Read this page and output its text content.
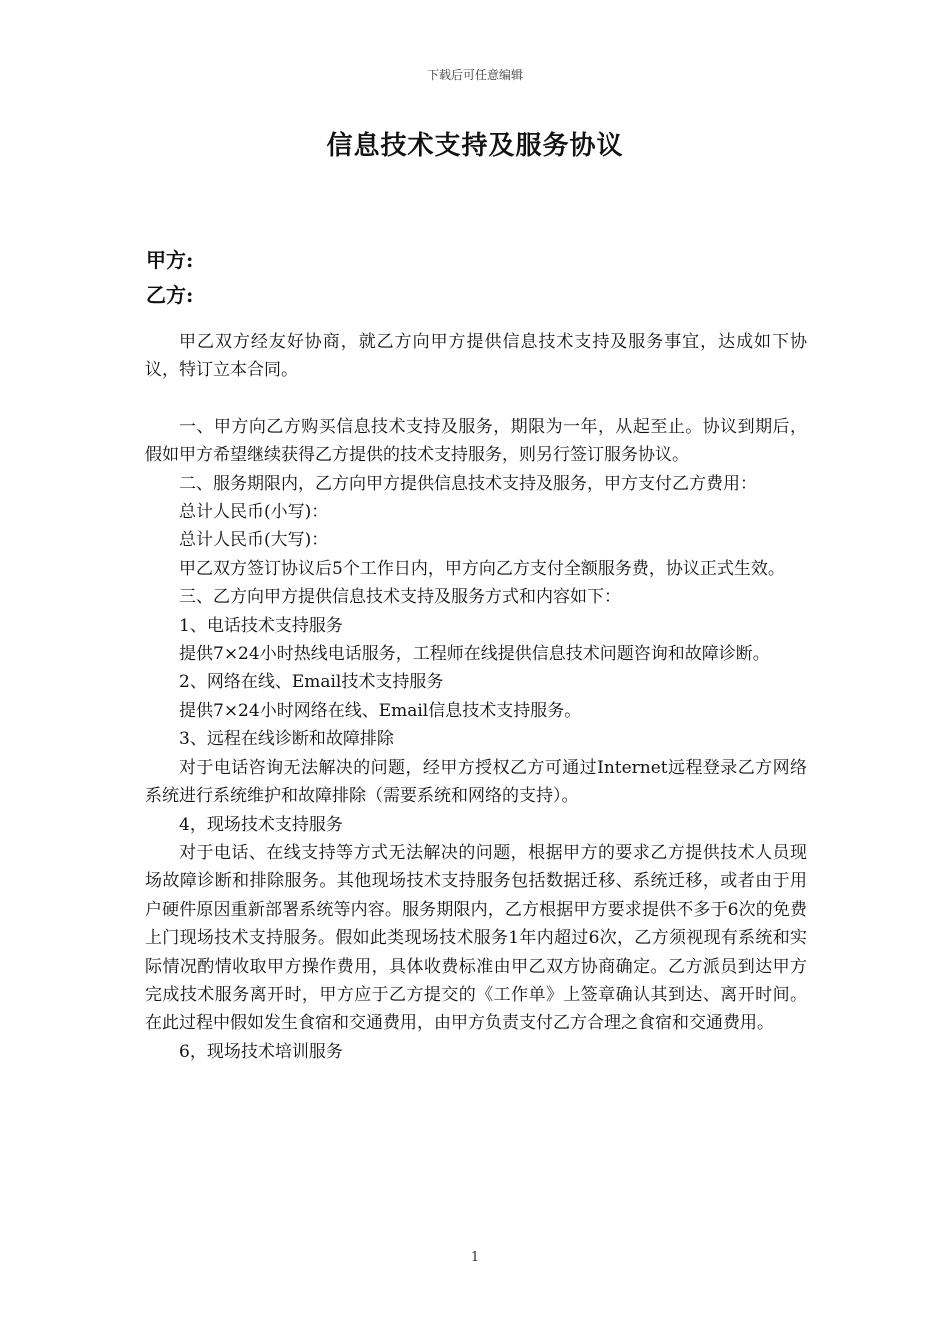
下载后可任意编辑
信息技术支持及服务协议
甲方:
乙方:

甲乙双方经友好协商，就乙方向甲方提供信息技术支持及服务事宜，达成如下协议，特订立本合同。

一、甲方向乙方购买信息技术支持及服务，期限为一年，从起至止。协议到期后，假如甲方希望继续获得乙方提供的技术支持服务，则另行签订服务协议。

二、服务期限内，乙方向甲方提供信息技术支持及服务，甲方支付乙方费用：

总计人民币(小写)：

总计人民币(大写)：

甲乙双方签订协议后5个工作日内，甲方向乙方支付全额服务费，协议正式生效。

三、乙方向甲方提供信息技术支持及服务方式和内容如下：

1、电话技术支持服务

提供7×24小时热线电话服务，工程师在线提供信息技术问题咨询和故障诊断。

2、网络在线、Email技术支持服务

提供7×24小时网络在线、Email信息技术支持服务。

3、远程在线诊断和故障排除

对于电话咨询无法解决的问题，经甲方授权乙方可通过Internet远程登录乙方网络系统进行系统维护和故障排除（需要系统和网络的支持）。

4，现场技术支持服务

对于电话、在线支持等方式无法解决的问题，根据甲方的要求乙方提供技术人员现场故障诊断和排除服务。其他现场技术支持服务包括数据迁移、系统迁移，或者由于用户硬件原因重新部署系统等内容。服务期限内，乙方根据甲方要求提供不多于6次的免费上门现场技术支持服务。假如此类现场技术服务1年内超过6次，乙方须视现有系统和实际情况酌情收取甲方操作费用，具体收费标准由甲乙双方协商确定。乙方派员到达甲方完成技术服务离开时，甲方应于乙方提交的《工作单》上签章确认其到达、离开时间。在此过程中假如发生食宿和交通费用，由甲方负责支付乙方合理之食宿和交通费用。

6，现场技术培训服务

1
